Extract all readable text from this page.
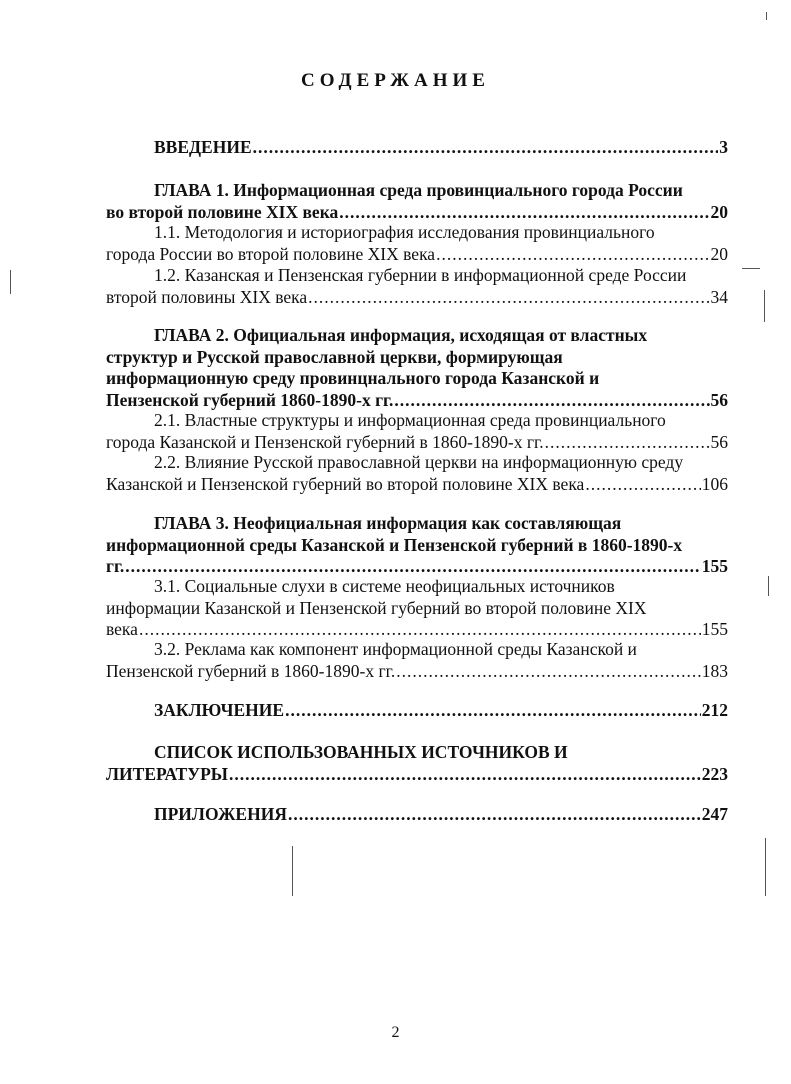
СОДЕРЖАНИЕ
ВВЕДЕНИЕ .....	3
ГЛАВА 1. Информационная среда провинциального города России
во второй половине XIX века .....	20
1.1. Методология и историография исследования провинциального
города России во второй половине XIX века .....	20
1.2. Казанская и Пензенская губернии в информационной среде России
второй половины XIX века .....	34
ГЛАВА 2. Официальная информация, исходящая от властных
структур и Русской православной церкви, формирующая
информационную среду провинцнального города Казанской и
Пензенской губерний 1860-1890-х гг. .....	56
2.1. Властные структуры и информационная среда провинциального
города Казанской и Пензенской губерний в 1860-1890-х гг. .....	56
2.2. Влияние Русской православной церкви на информационную среду
Казанской и Пензенской губерний во второй половине XIX века .....	106
ГЛАВА 3. Неофициальная информация как составляющая
информационной среды Казанской и Пензенской губерний в 1860-1890-х
гг. .....	155
3.1. Социальные слухи в системе неофициальных источников
информации Казанской и Пензенской губерний во второй половине XIX
века .....	155
3.2. Реклама как компонент информационной среды Казанской и
Пензенской губерний в 1860-1890-х гг. .....	183
ЗАКЛЮЧЕНИЕ .....	212
СПИСОК ИСПОЛЬЗОВАННЫХ ИСТОЧНИКОВ И
ЛИТЕРАТУРЫ .....	223
ПРИЛОЖЕНИЯ .....	247
2
